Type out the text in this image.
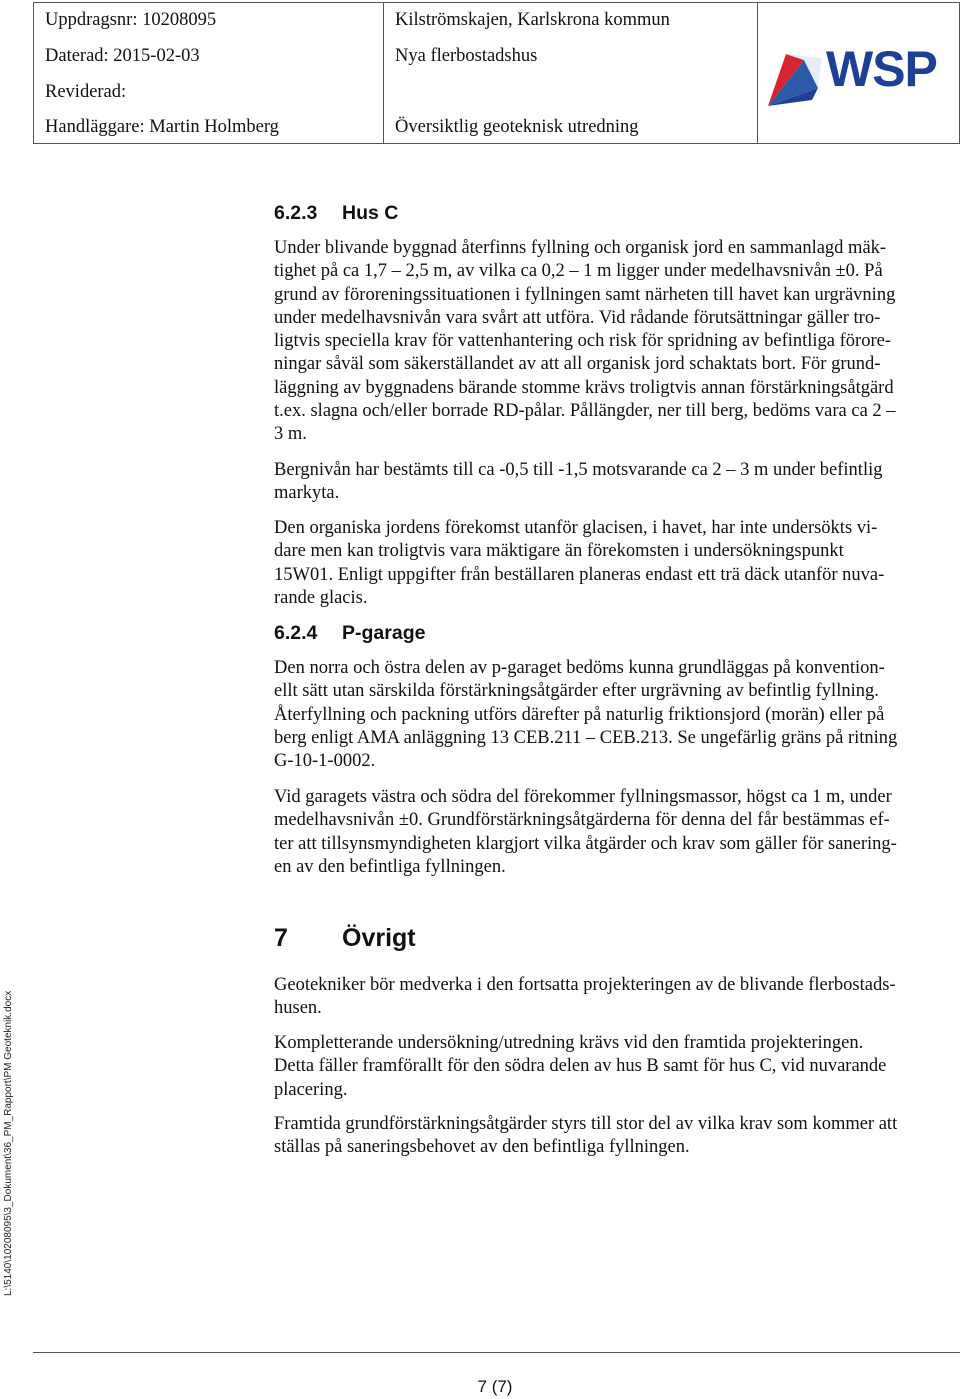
Uppdragsnr: 10208095
Daterad: 2015-02-03
Reviderad:
Handläggare: Martin Holmberg
Kilströmskajen, Karlskrona kommun
Nya flerbostadshus
Översiktlig geoteknisk utredning
WSP
L:\5140\10208095\3_Dokument\36_PM_Rapport\PM Geoteknik.docx
6.2.3 Hus C
Under blivande byggnad återfinns fyllning och organisk jord en sammanlagd mäk-
tighet på ca 1,7 – 2,5 m, av vilka ca 0,2 – 1 m ligger under medelhavsnivån ±0. På
grund av föroreningssituationen i fyllningen samt närheten till havet kan urgrävning
under medelhavsnivån vara svårt att utföra. Vid rådande förutsättningar gäller tro-
ligtvis speciella krav för vattenhantering och risk för spridning av befintliga förore-
ningar såväl som säkerställandet av att all organisk jord schaktats bort. För grund-
läggning av byggnadens bärande stomme krävs troligtvis annan förstärkningsåtgärd
t.ex. slagna och/eller borrade RD-pålar. Pållängder, ner till berg, bedöms vara ca 2 –
3 m.
Bergnivån har bestämts till ca -0,5 till -1,5 motsvarande ca 2 – 3 m under befintlig
markyta.
Den organiska jordens förekomst utanför glacisen, i havet, har inte undersökts vi-
dare men kan troligtvis vara mäktigare än förekomsten i undersökningspunkt
15W01. Enligt uppgifter från beställaren planeras endast ett trä däck utanför nuva-
rande glacis.
6.2.4 P-garage
Den norra och östra delen av p-garaget bedöms kunna grundläggas på konvention-
ellt sätt utan särskilda förstärkningsåtgärder efter urgrävning av befintlig fyllning.
Återfyllning och packning utförs därefter på naturlig friktionsjord (morän) eller på
berg enligt AMA anläggning 13 CEB.211 – CEB.213. Se ungefärlig gräns på ritning
G-10-1-0002.
Vid garagets västra och södra del förekommer fyllningsmassor, högst ca 1 m, under
medelhavsnivån ±0. Grundförstärkningsåtgärderna för denna del får bestämmas ef-
ter att tillsynsmyndigheten klargjort vilka åtgärder och krav som gäller för sanering-
en av den befintliga fyllningen.
7 Övrigt
Geotekniker bör medverka i den fortsatta projekteringen av de blivande flerbostads-
husen.
Kompletterande undersökning/utredning krävs vid den framtida projekteringen.
Detta fäller framförallt för den södra delen av hus B samt för hus C, vid nuvarande
placering.
Framtida grundförstärkningsåtgärder styrs till stor del av vilka krav som kommer att
ställas på saneringsbehovet av den befintliga fyllningen.
7 (7)
